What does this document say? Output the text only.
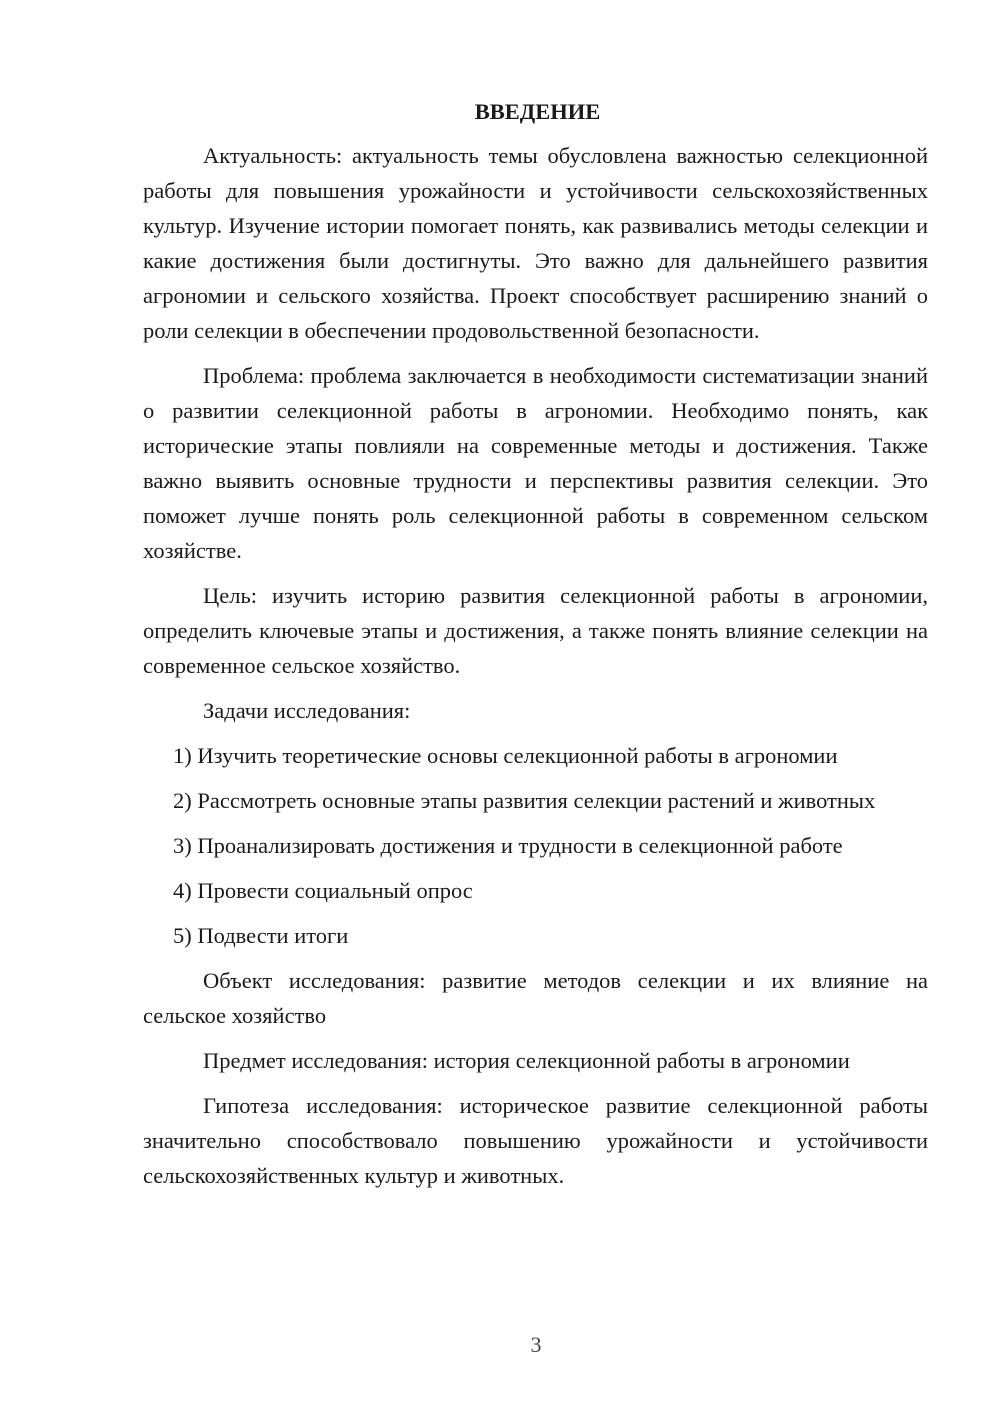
ВВЕДЕНИЕ

Актуальность: актуальность темы обусловлена важностью селекционной работы для повышения урожайности и устойчивости сельскохозяйственных культур. Изучение истории помогает понять, как развивались методы селекции и какие достижения были достигнуты. Это важно для дальнейшего развития агрономии и сельского хозяйства. Проект способствует расширению знаний о роли селекции в обеспечении продовольственной безопасности.

Проблема: проблема заключается в необходимости систематизации знаний о развитии селекционной работы в агрономии. Необходимо понять, как исторические этапы повлияли на современные методы и достижения. Также важно выявить основные трудности и перспективы развития селекции. Это поможет лучше понять роль селекционной работы в современном сельском хозяйстве.

Цель: изучить историю развития селекционной работы в агрономии, определить ключевые этапы и достижения, а также понять влияние селекции на современное сельское хозяйство.

Задачи исследования:

1) Изучить теоретические основы селекционной работы в агрономии

2) Рассмотреть основные этапы развития селекции растений и животных

3) Проанализировать достижения и трудности в селекционной работе

4) Провести социальный опрос

5) Подвести итоги

Объект исследования: развитие методов селекции и их влияние на сельское хозяйство

Предмет исследования: история селекционной работы в агрономии

Гипотеза исследования: историческое развитие селекционной работы значительно способствовало повышению урожайности и устойчивости сельскохозяйственных культур и животных.

3
